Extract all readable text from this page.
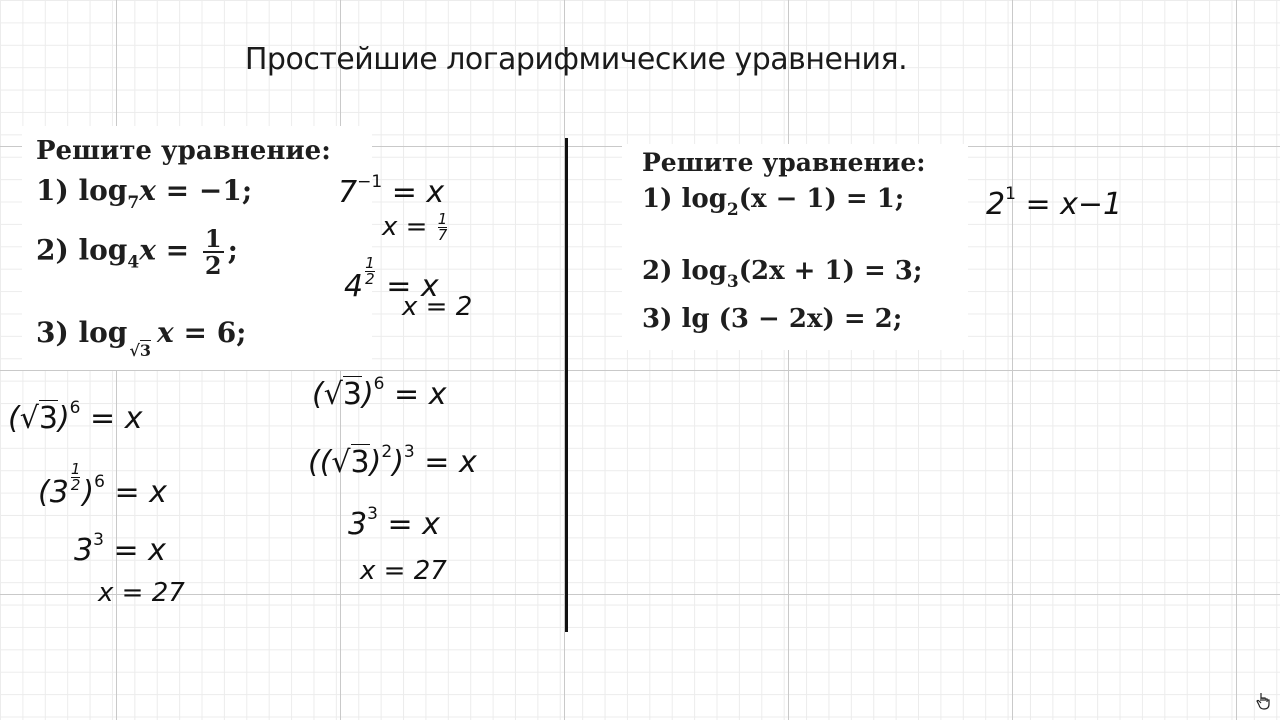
Простейшие логарифмические уравнения.
Решите уравнение:
1) $\log_7x = -1$;
2) $\log_4x = \frac{1}{2}$ ;
3) log√3x = 6;
Решите уравнение:
1) $\log_2(x - 1) = 1$;
2) $\log_3(2x + 1) = 3$;
3) lg (3 − 2x) = 2;
$7^{-1} = x$
$x = \frac{1}{7}$
$4 \frac{1}{2} = x$
x = 2
$(√3)^6 = x$
$(3 \frac{1}{2} )^6 = x$
$3^3 = x$
x = 27
$(√3)^6 = x$
$((√3)^2)^3 = x$
$3^3 = x$
x = 27
$2^1 = x-1$
